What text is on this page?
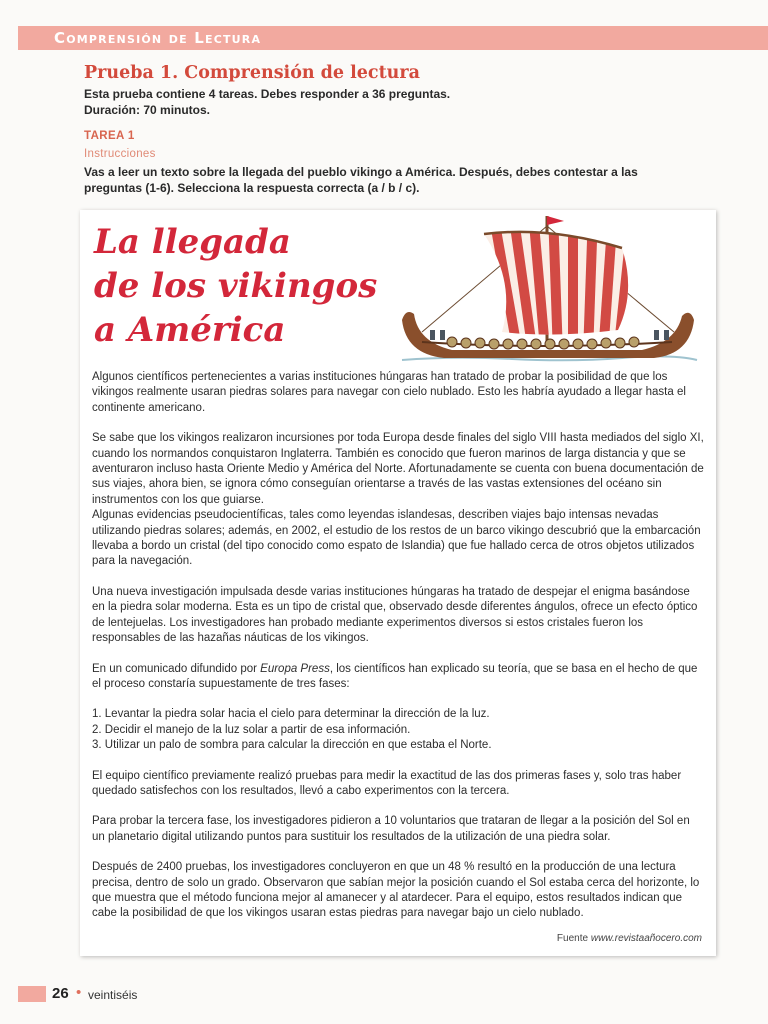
Comprensión de Lectura
Prueba 1. Comprensión de lectura
Esta prueba contiene 4 tareas. Debes responder a 36 preguntas.
Duración: 70 minutos.
TAREA 1
Instrucciones
Vas a leer un texto sobre la llegada del pueblo vikingo a América. Después, debes contestar a las preguntas (1-6). Selecciona la respuesta correcta (a / b / c).
La llegada
de los vikingos
a América

Algunos científicos pertenecientes a varias instituciones húngaras han tratado de probar la posibilidad de que los vikingos realmente usaran piedras solares para navegar con cielo nublado. Esto les habría ayudado a llegar hasta el continente americano.

Se sabe que los vikingos realizaron incursiones por toda Europa desde finales del siglo VIII hasta mediados del siglo XI, cuando los normandos conquistaron Inglaterra. También es conocido que fueron marinos de larga distancia y que se aventuraron incluso hasta Oriente Medio y América del Norte. Afortunadamente se cuenta con buena documentación de sus viajes, ahora bien, se ignora cómo conseguían orientarse a través de las vastas extensiones del océano sin instrumentos con los que guiarse.

Algunas evidencias pseudocientíficas, tales como leyendas islandesas, describen viajes bajo intensas nevadas utilizando piedras solares; además, en 2002, el estudio de los restos de un barco vikingo descubrió que la embarcación llevaba a bordo un cristal (del tipo conocido como espato de Islandia) que fue hallado cerca de otros objetos utilizados para la navegación.

Una nueva investigación impulsada desde varias instituciones húngaras ha tratado de despejar el enigma basándose en la piedra solar moderna. Esta es un tipo de cristal que, observado desde diferentes ángulos, ofrece un efecto óptico de lentejuelas. Los investigadores han probado mediante experimentos diversos si estos cristales fueron los responsables de las hazañas náuticas de los vikingos.

En un comunicado difundido por Europa Press, los científicos han explicado su teoría, que se basa en el hecho de que el proceso constaría supuestamente de tres fases:

1. Levantar la piedra solar hacia el cielo para determinar la dirección de la luz.
2. Decidir el manejo de la luz solar a partir de esa información.
3. Utilizar un palo de sombra para calcular la dirección en que estaba el Norte.

El equipo científico previamente realizó pruebas para medir la exactitud de las dos primeras fases y, solo tras haber quedado satisfechos con los resultados, llevó a cabo experimentos con la tercera.

Para probar la tercera fase, los investigadores pidieron a 10 voluntarios que trataran de llegar a la posición del Sol en un planetario digital utilizando puntos para sustituir los resultados de la utilización de una piedra solar.

Después de 2400 pruebas, los investigadores concluyeron en que un 48 % resultó en la producción de una lectura precisa, dentro de solo un grado. Observaron que sabían mejor la posición cuando el Sol estaba cerca del horizonte, lo que muestra que el método funciona mejor al amanecer y al atardecer. Para el equipo, estos resultados indican que cabe la posibilidad de que los vikingos usaran estas piedras para navegar bajo un cielo nublado.

Fuente www.revistaañocero.com
26 • veintiséis
